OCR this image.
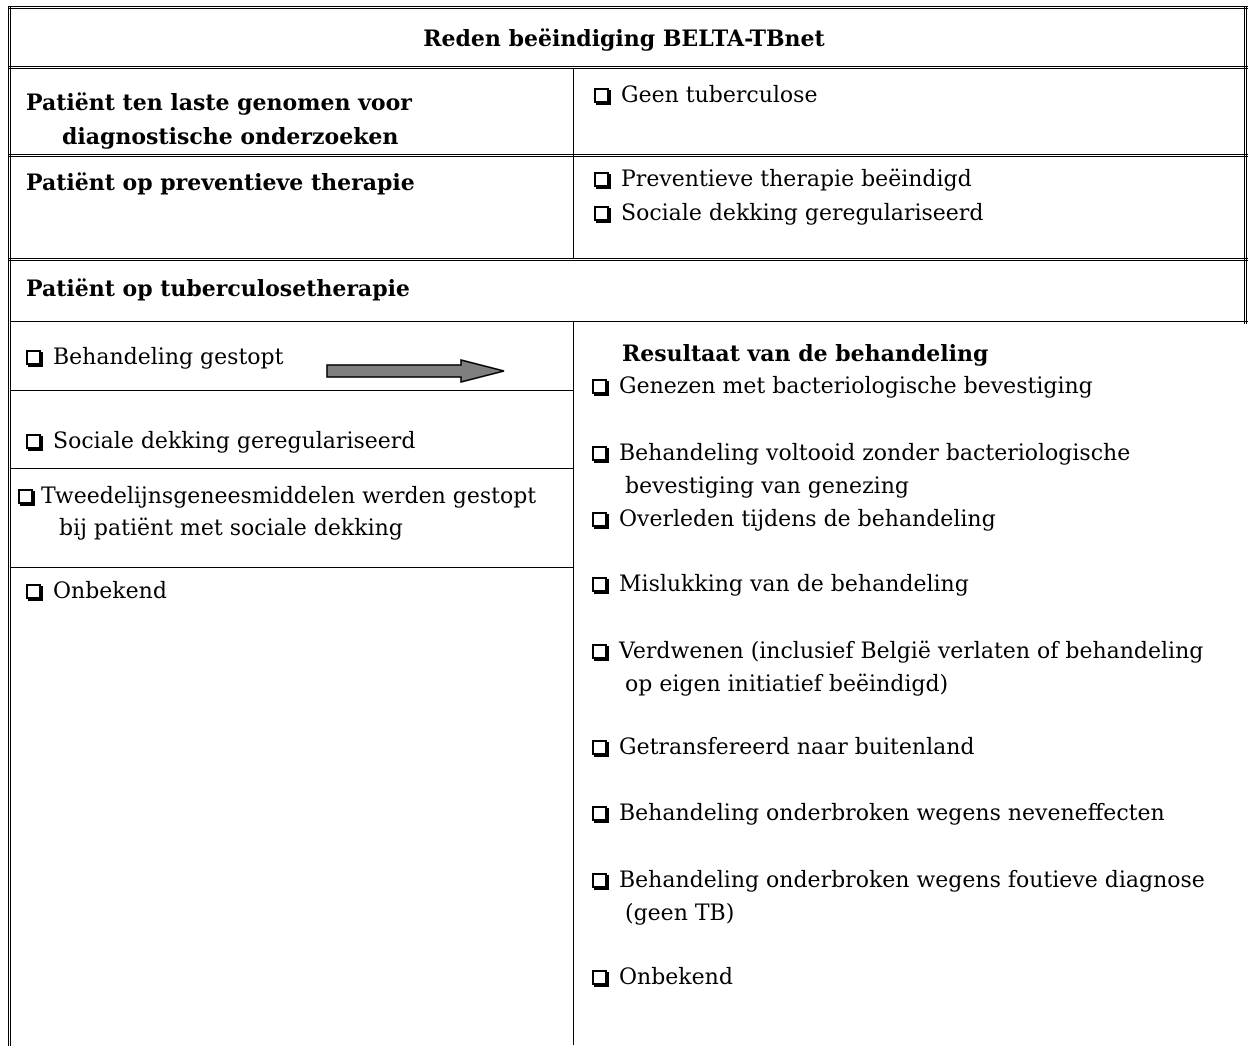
Reden beëindiging BELTA-TBnet
Patiënt ten laste genomen voor
diagnostische onderzoeken
Geen tuberculose
Patiënt op preventieve therapie	Preventieve therapie beëindigd
Sociale dekking geregulariseerd
Patiënt op tuberculosetherapie
Behandeling gestopt
Sociale dekking geregulariseerd
Tweedelijnsgeneesmiddelen werden gestopt
bij patiënt met sociale dekking
Onbekend
Resultaat van de behandeling
Genezen met bacteriologische bevestiging
Behandeling voltooid zonder bacteriologische
bevestiging van genezing
Overleden tijdens de behandeling
Mislukking van de behandeling
Verdwenen (inclusief België verlaten of behandeling
op eigen initiatief beëindigd)
Getransfereerd naar buitenland
Behandeling onderbroken wegens neveneffecten
Behandeling onderbroken wegens foutieve diagnose
(geen TB)
Onbekend
